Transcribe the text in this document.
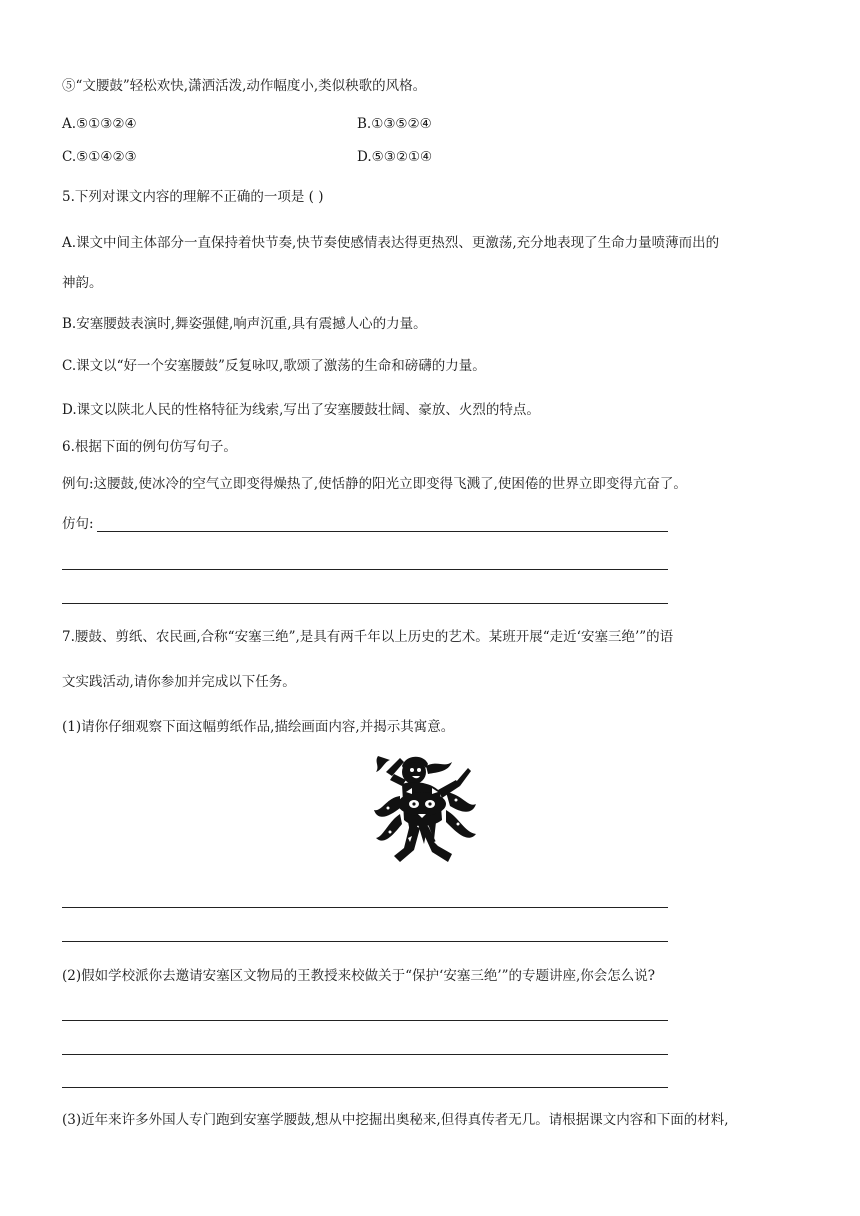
⑤“文腰鼓”轻松欢快,潇洒活泼,动作幅度小,类似秧歌的风格。
A.⑤①③②④	B.①③⑤②④
C.⑤①④②③	D.⑤③②①④
5.下列对课文内容的理解不正确的一项是 ( )
A.课文中间主体部分一直保持着快节奏,快节奏使感情表达得更热烈、更激荡,充分地表现了生命力量喷薄而出的
神韵。
B.安塞腰鼓表演时,舞姿强健,响声沉重,具有震撼人心的力量。
C.课文以“好一个安塞腰鼓”反复咏叹,歌颂了激荡的生命和磅礴的力量。
D.课文以陕北人民的性格特征为线索,写出了安塞腰鼓壮阔、豪放、火烈的特点。
6.根据下面的例句仿写句子。
例句:这腰鼓,使冰冷的空气立即变得燥热了,使恬静的阳光立即变得飞溅了,使困倦的世界立即变得亢奋了。
仿句:
7.腰鼓、剪纸、农民画,合称“安塞三绝”,是具有两千年以上历史的艺术。某班开展“走近‘安塞三绝’”的语
文实践活动,请你参加并完成以下任务。
(1)请你仔细观察下面这幅剪纸作品,描绘画面内容,并揭示其寓意。
(2)假如学校派你去邀请安塞区文物局的王教授来校做关于“保护‘安塞三绝’”的专题讲座,你会怎么说?
(3)近年来许多外国人专门跑到安塞学腰鼓,想从中挖掘出奥秘来,但得真传者无几。请根据课文内容和下面的材料,
